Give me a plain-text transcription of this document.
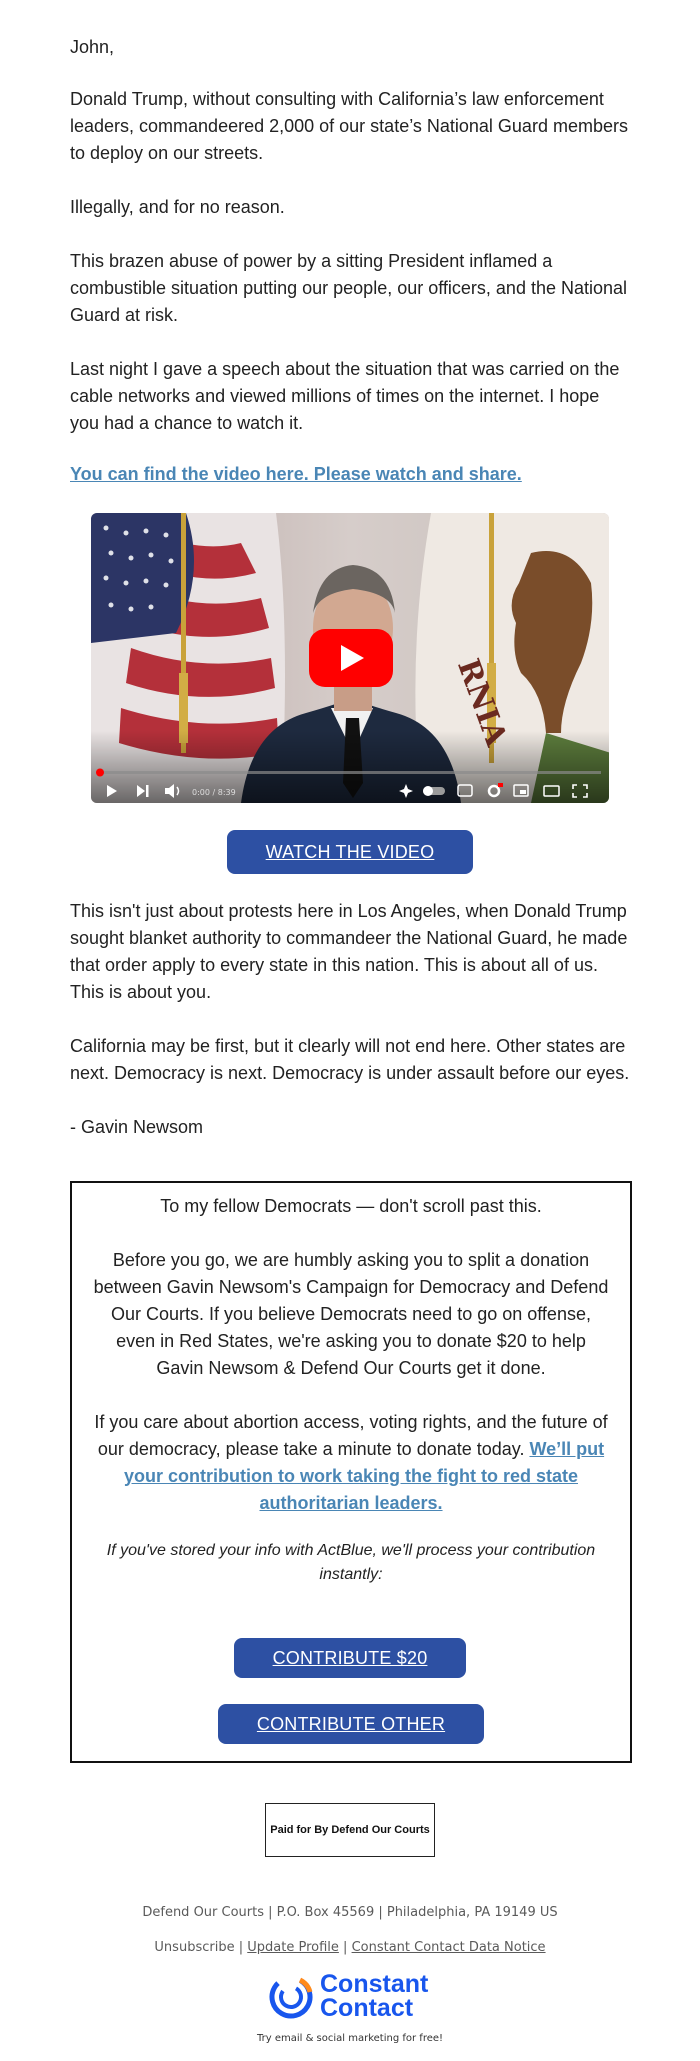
John,

Donald Trump, without consulting with California’s law enforcement leaders, commandeered 2,000 of our state’s National Guard members to deploy on our streets.

Illegally, and for no reason.

This brazen abuse of power by a sitting President inflamed a combustible situation putting our people, our officers, and the National Guard at risk.

Last night I gave a speech about the situation that was carried on the cable networks and viewed millions of times on the internet. I hope you had a chance to watch it.

You can find the video here. Please watch and share.
0:00 / 8:39
WATCH THE VIDEO

This isn't just about protests here in Los Angeles, when Donald Trump sought blanket authority to commandeer the National Guard, he made that order apply to every state in this nation. This is about all of us. This is about you.

California may be first, but it clearly will not end here. Other states are next. Democracy is next. Democracy is under assault before our eyes.

- Gavin Newsom

To my fellow Democrats — don't scroll past this.

Before you go, we are humbly asking you to split a donation between Gavin Newsom's Campaign for Democracy and Defend Our Courts. If you believe Democrats need to go on offense, even in Red States, we're asking you to donate $20 to help Gavin Newsom & Defend Our Courts get it done.

If you care about abortion access, voting rights, and the future of our democracy, please take a minute to donate today. We’ll put your contribution to work taking the fight to red state authoritarian leaders.

If you've stored your info with ActBlue, we'll process your contribution instantly:

CONTRIBUTE $20
CONTRIBUTE OTHER
Paid for By Defend Our Courts
Defend Our Courts | P.O. Box 45569 | Philadelphia, PA 19149 US
Unsubscribe | Update Profile | Constant Contact Data Notice
Constant
Contact
Try email & social marketing for free!
